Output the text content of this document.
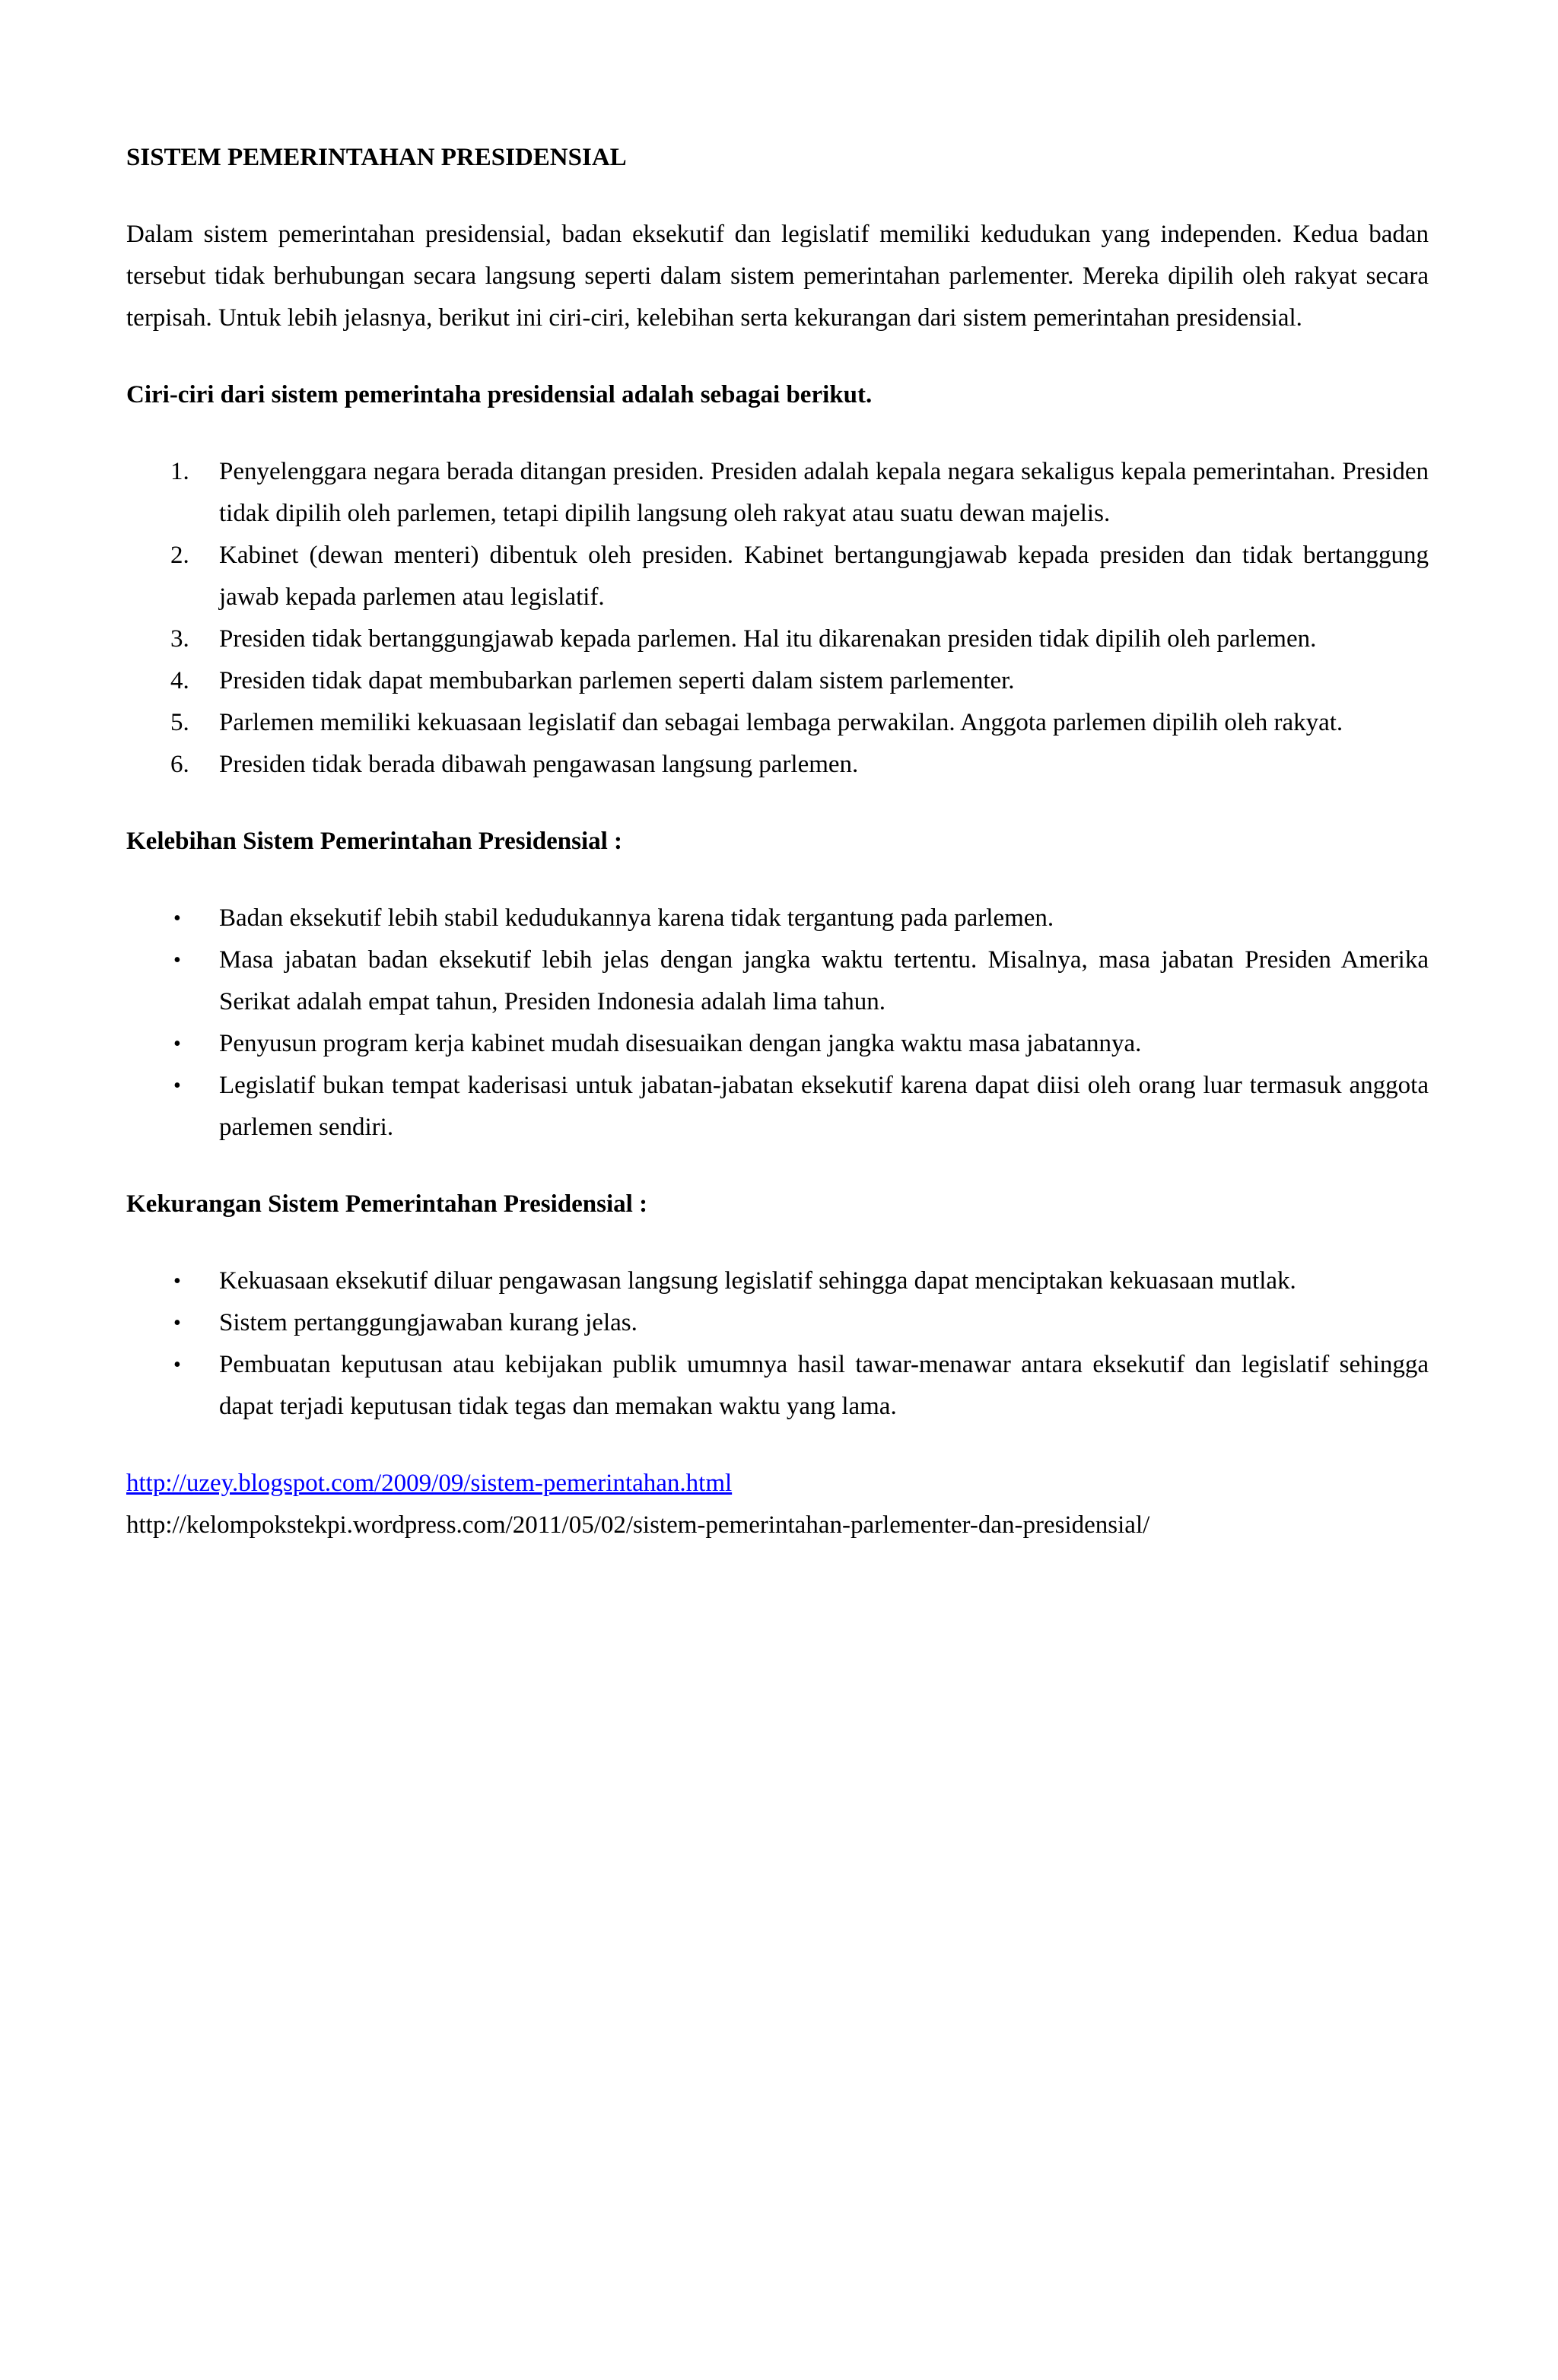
SISTEM PEMERINTAHAN PRESIDENSIAL

Dalam sistem pemerintahan presidensial, badan eksekutif dan legislatif memiliki kedudukan yang independen. Kedua badan tersebut tidak berhubungan secara langsung seperti dalam sistem pemerintahan parlementer. Mereka dipilih oleh rakyat secara terpisah. Untuk lebih jelasnya, berikut ini ciri-ciri, kelebihan serta kekurangan dari sistem pemerintahan presidensial.

Ciri-ciri dari sistem pemerintaha presidensial adalah sebagai berikut.

1. Penyelenggara negara berada ditangan presiden. Presiden adalah kepala negara sekaligus kepala pemerintahan. Presiden tidak dipilih oleh parlemen, tetapi dipilih langsung oleh rakyat atau suatu dewan majelis.
2. Kabinet (dewan menteri) dibentuk oleh presiden. Kabinet bertangungjawab kepada presiden dan tidak bertanggung jawab kepada parlemen atau legislatif.
3. Presiden tidak bertanggungjawab kepada parlemen. Hal itu dikarenakan presiden tidak dipilih oleh parlemen.
4. Presiden tidak dapat membubarkan parlemen seperti dalam sistem parlementer.
5. Parlemen memiliki kekuasaan legislatif dan sebagai lembaga perwakilan. Anggota parlemen dipilih oleh rakyat.
6. Presiden tidak berada dibawah pengawasan langsung parlemen.

Kelebihan Sistem Pemerintahan Presidensial :

• Badan eksekutif lebih stabil kedudukannya karena tidak tergantung pada parlemen.
• Masa jabatan badan eksekutif lebih jelas dengan jangka waktu tertentu. Misalnya, masa jabatan Presiden Amerika Serikat adalah empat tahun, Presiden Indonesia adalah lima tahun.
• Penyusun program kerja kabinet mudah disesuaikan dengan jangka waktu masa jabatannya.
• Legislatif bukan tempat kaderisasi untuk jabatan-jabatan eksekutif karena dapat diisi oleh orang luar termasuk anggota parlemen sendiri.

Kekurangan Sistem Pemerintahan Presidensial :

• Kekuasaan eksekutif diluar pengawasan langsung legislatif sehingga dapat menciptakan kekuasaan mutlak.
• Sistem pertanggungjawaban kurang jelas.
• Pembuatan keputusan atau kebijakan publik umumnya hasil tawar-menawar antara eksekutif dan legislatif sehingga dapat terjadi keputusan tidak tegas dan memakan waktu yang lama.
http://uzey.blogspot.com/2009/09/sistem-pemerintahan.html
http://kelompokstekpi.wordpress.com/2011/05/02/sistem-pemerintahan-parlementer-dan-presidensial/
